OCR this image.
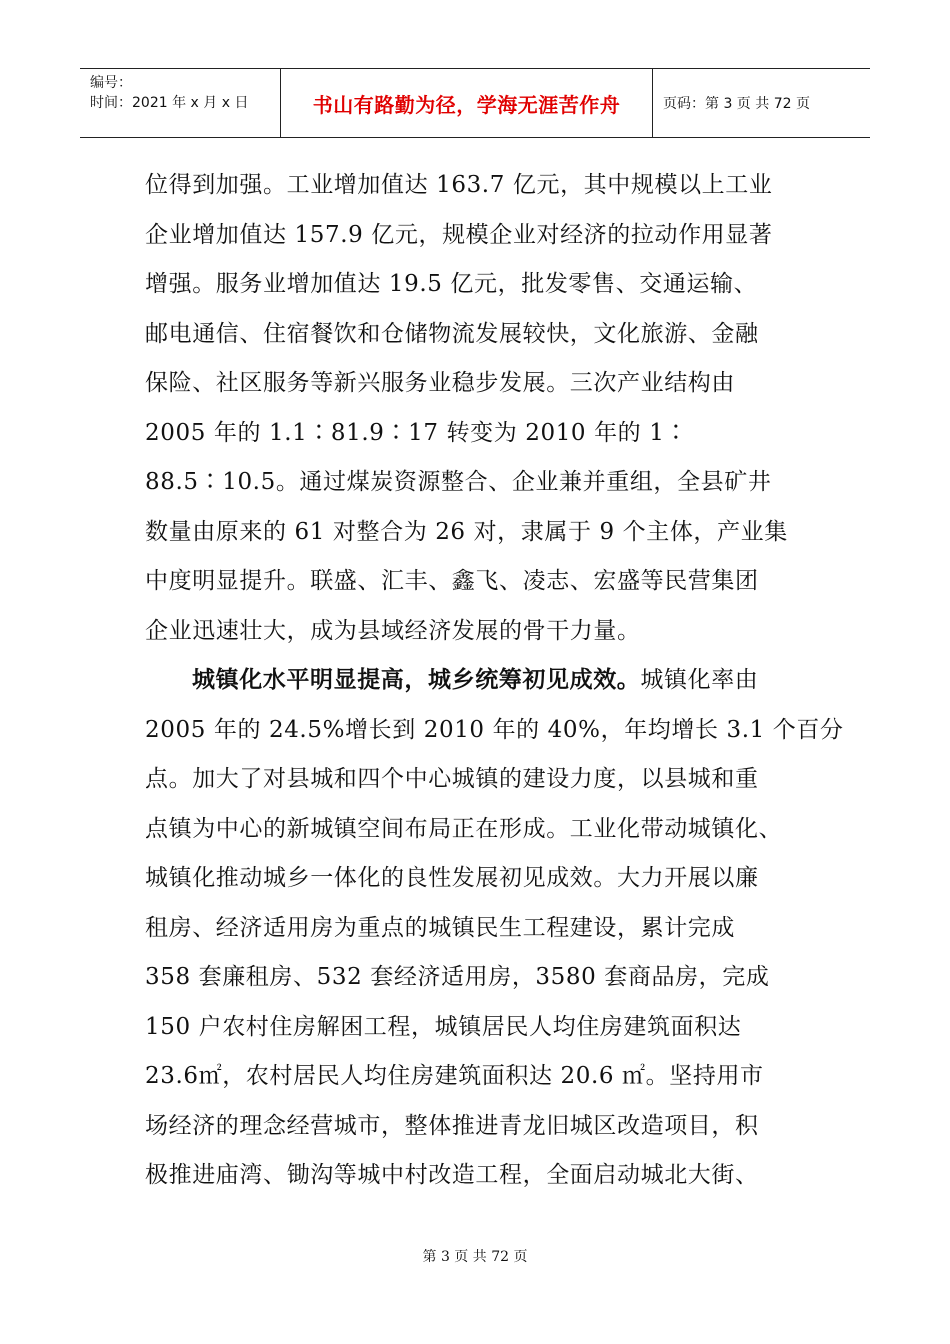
编号：
时间：2021 年 x 月 x 日	书山有路勤为径，学海无涯苦作舟	页码：第 3 页 共 72 页
位得到加强。工业增加值达 163.7 亿元，其中规模以上工业
企业增加值达 157.9 亿元，规模企业对经济的拉动作用显著
增强。服务业增加值达 19.5 亿元，批发零售、交通运输、
邮电通信、住宿餐饮和仓储物流发展较快，文化旅游、金融
保险、社区服务等新兴服务业稳步发展。三次产业结构由
2005 年的 1.1∶81.9∶17 转变为 2010 年的 1∶
88.5∶10.5。通过煤炭资源整合、企业兼并重组，全县矿井
数量由原来的 61 对整合为 26 对，隶属于 9 个主体，产业集
中度明显提升。联盛、汇丰、鑫飞、凌志、宏盛等民营集团
企业迅速壮大，成为县域经济发展的骨干力量。
城镇化水平明显提高，城乡统筹初见成效。城镇化率由
2005 年的 24.5%增长到 2010 年的 40%，年均增长 3.1 个百分
点。加大了对县城和四个中心城镇的建设力度，以县城和重
点镇为中心的新城镇空间布局正在形成。工业化带动城镇化、
城镇化推动城乡一体化的良性发展初见成效。大力开展以廉
租房、经济适用房为重点的城镇民生工程建设，累计完成
358 套廉租房、532 套经济适用房，3580 套商品房，完成
150 户农村住房解困工程，城镇居民人均住房建筑面积达
23.6㎡，农村居民人均住房建筑面积达 20.6 ㎡。坚持用市
场经济的理念经营城市，整体推进青龙旧城区改造项目，积
极推进庙湾、锄沟等城中村改造工程，全面启动城北大街、
第 3 页 共 72 页
